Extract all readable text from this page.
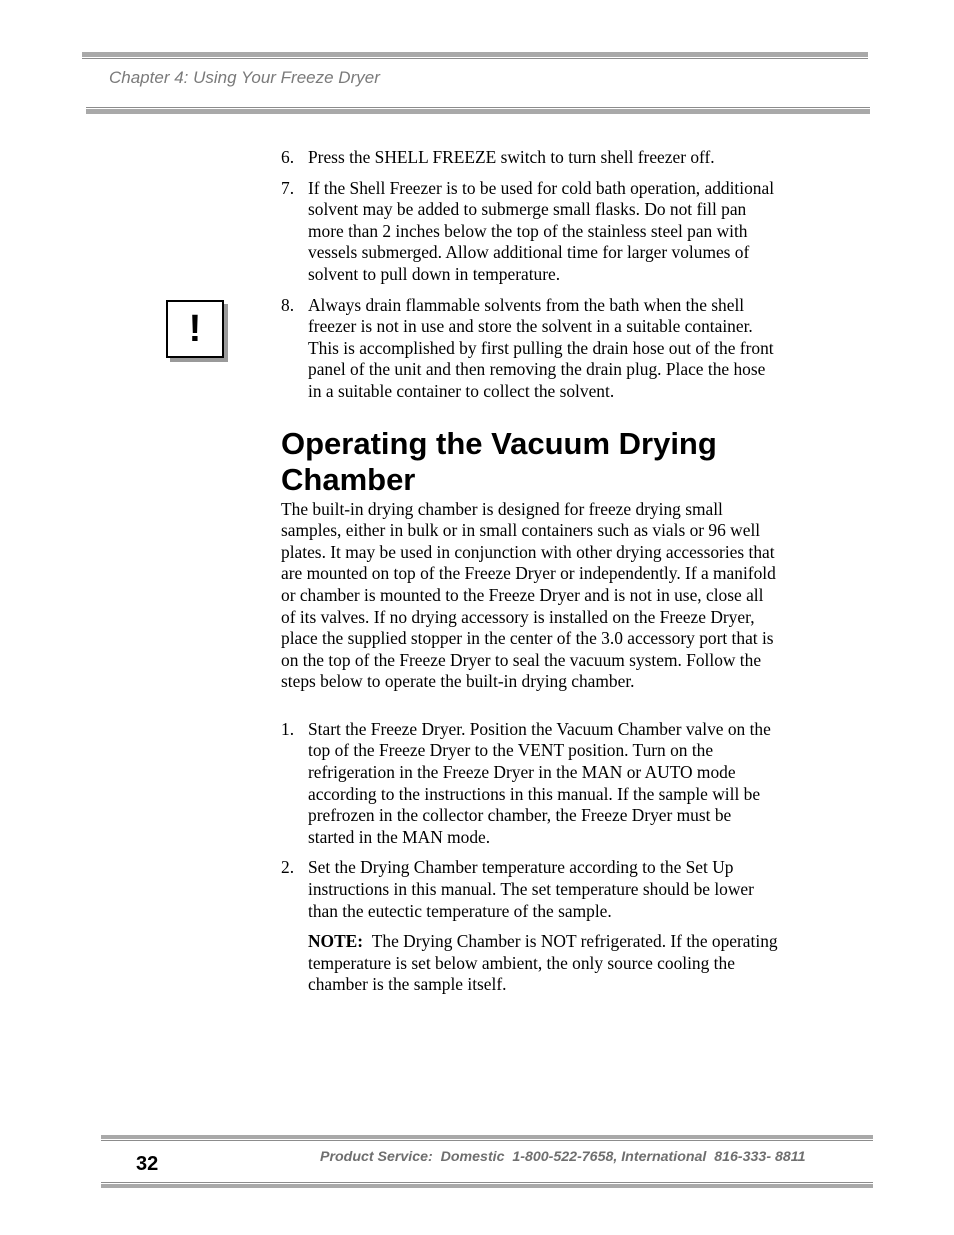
Chapter 4: Using Your Freeze Dryer
!
6. Press the SHELL FREEZE switch to turn shell freezer off.
7. If the Shell Freezer is to be used for cold bath operation, additional solvent may be added to submerge small flasks. Do not fill pan more than 2 inches below the top of the stainless steel pan with vessels submerged. Allow additional time for larger volumes of solvent to pull down in temperature.
8. Always drain flammable solvents from the bath when the shell freezer is not in use and store the solvent in a suitable container. This is accomplished by first pulling the drain hose out of the front panel of the unit and then removing the drain plug. Place the hose in a suitable container to collect the solvent.
Operating the Vacuum Drying Chamber
The built-in drying chamber is designed for freeze drying small samples, either in bulk or in small containers such as vials or 96 well plates. It may be used in conjunction with other drying accessories that are mounted on top of the Freeze Dryer or independently. If a manifold or chamber is mounted to the Freeze Dryer and is not in use, close all of its valves. If no drying accessory is installed on the Freeze Dryer, place the supplied stopper in the center of the 3.0 accessory port that is on the top of the Freeze Dryer to seal the vacuum system. Follow the steps below to operate the built-in drying chamber.
1. Start the Freeze Dryer. Position the Vacuum Chamber valve on the top of the Freeze Dryer to the VENT position. Turn on the refrigeration in the Freeze Dryer in the MAN or AUTO mode according to the instructions in this manual. If the sample will be prefrozen in the collector chamber, the Freeze Dryer must be started in the MAN mode.
2. Set the Drying Chamber temperature according to the Set Up instructions in this manual. The set temperature should be lower than the eutectic temperature of the sample.
NOTE: The Drying Chamber is NOT refrigerated. If the operating temperature is set below ambient, the only source cooling the chamber is the sample itself.
32	Product Service:  Domestic  1-800-522-7658, International  816-333- 8811
